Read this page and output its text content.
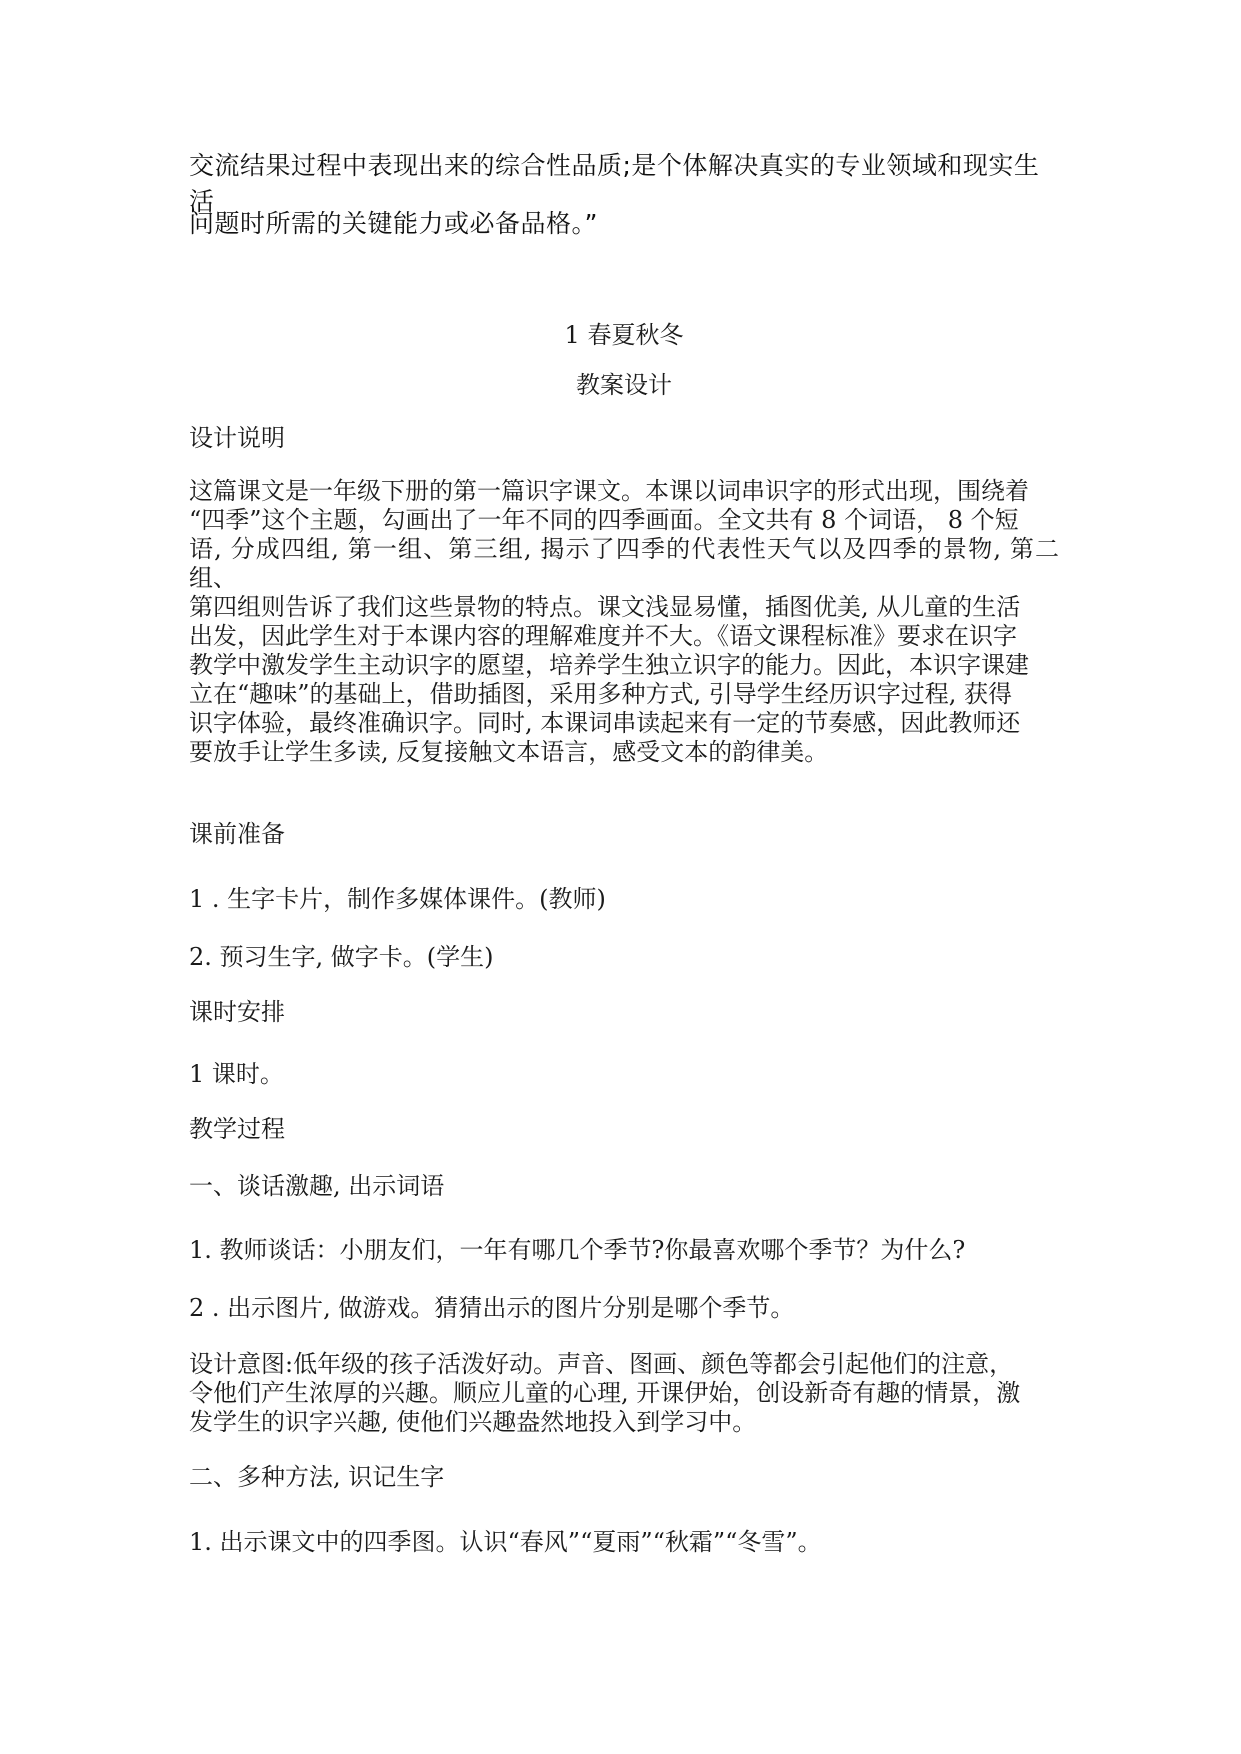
交流结果过程中表现出来的综合性品质;是个体解决真实的专业领域和现实生活

问题时所需的关键能力或必备品格。”

1 春夏秋冬

教案设计

设计说明

这篇课文是一年级下册的第一篇识字课文。本课以词串识字的形式出现，围绕着
“四季”这个主题，勾画出了一年不同的四季画面。全文共有 8 个词语， 8 个短
语, 分成四组, 第一组、第三组, 揭示了四季的代表性天气以及四季的景物, 第二组、
第四组则告诉了我们这些景物的特点。课文浅显易懂，插图优美, 从儿童的生活
出发，因此学生对于本课内容的理解难度并不大。《语文课程标准》要求在识字
教学中激发学生主动识字的愿望，培养学生独立识字的能力。因此，本识字课建
立在“趣味”的基础上，借助插图，采用多种方式, 引导学生经历识字过程, 获得
识字体验，最终准确识字。同时, 本课词串读起来有一定的节奏感，因此教师还
要放手让学生多读, 反复接触文本语言，感受文本的韵律美。

课前准备

1 . 生字卡片，制作多媒体课件。(教师)

2. 预习生字, 做字卡。(学生)

课时安排

1 课时。

教学过程

一、谈话激趣, 出示词语

1. 教师谈话：小朋友们，一年有哪几个季节?你最喜欢哪个季节？为什么?

2 . 出示图片, 做游戏。猜猜出示的图片分别是哪个季节。

设计意图:低年级的孩子活泼好动。声音、图画、颜色等都会引起他们的注意，
令他们产生浓厚的兴趣。顺应儿童的心理, 开课伊始，创设新奇有趣的情景，激
发学生的识字兴趣, 使他们兴趣盎然地投入到学习中。

二、多种方法, 识记生字

1. 出示课文中的四季图。认识“春风”“夏雨”“秋霜”“冬雪”。
